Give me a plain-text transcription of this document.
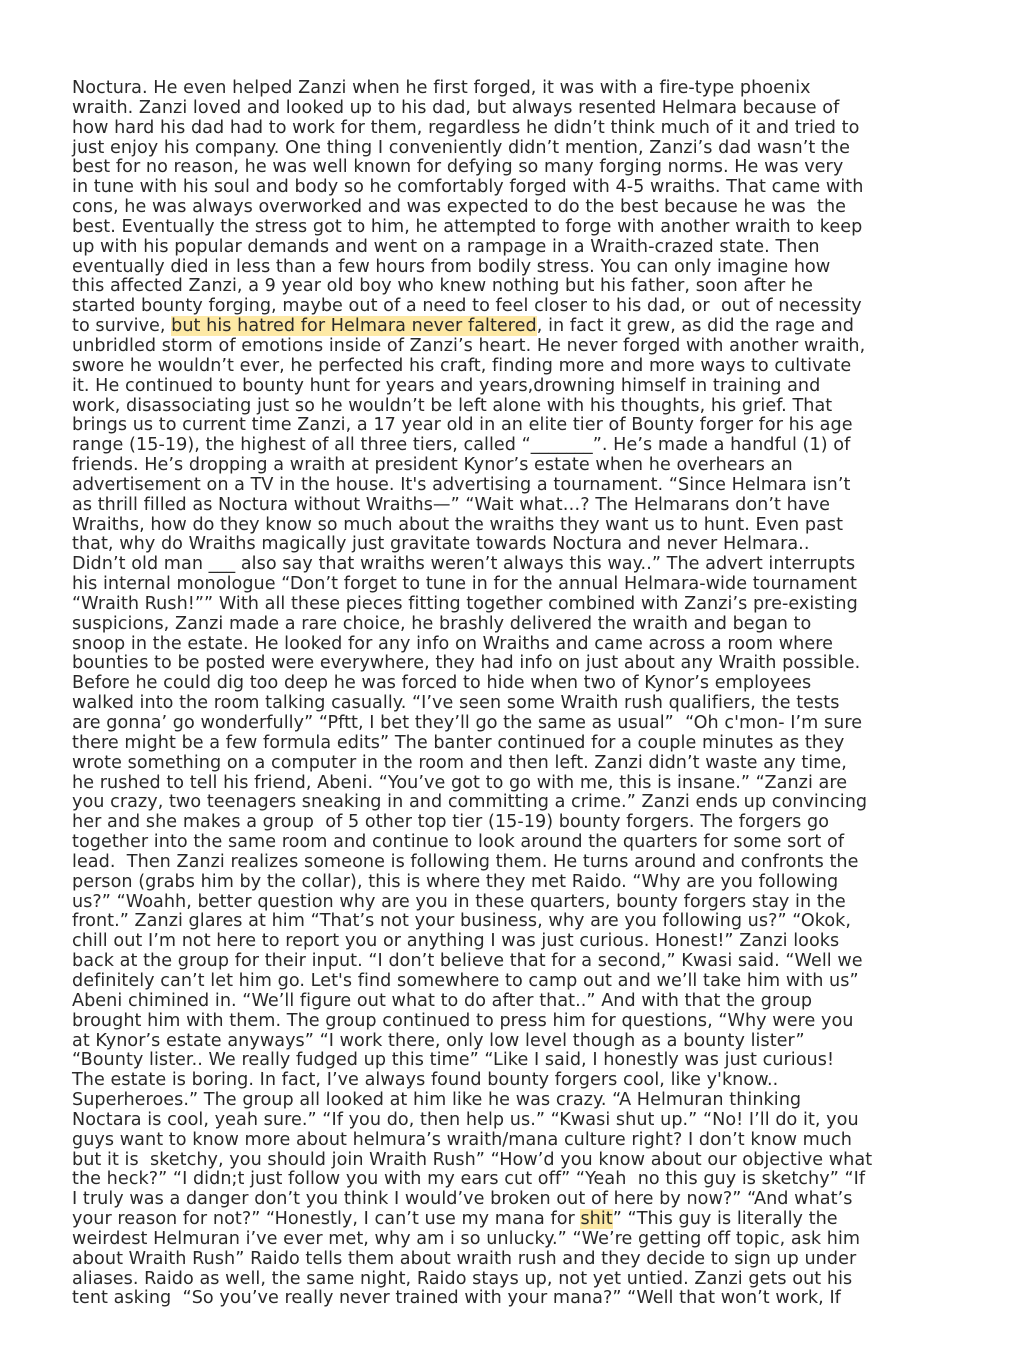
Noctura. He even helped Zanzi when he first forged, it was with a fire-type phoenix
wraith. Zanzi loved and looked up to his dad, but always resented Helmara because of
how hard his dad had to work for them, regardless he didn’t think much of it and tried to
just enjoy his company. One thing I conveniently didn’t mention, Zanzi’s dad wasn’t the
best for no reason, he was well known for defying so many forging norms. He was very
in tune with his soul and body so he comfortably forged with 4-5 wraiths. That came with
cons, he was always overworked and was expected to do the best because he was  the
best. Eventually the stress got to him, he attempted to forge with another wraith to keep
up with his popular demands and went on a rampage in a Wraith-crazed state. Then
eventually died in less than a few hours from bodily stress. You can only imagine how
this affected Zanzi, a 9 year old boy who knew nothing but his father, soon after he
started bounty forging, maybe out of a need to feel closer to his dad, or  out of necessity
to survive, but his hatred for Helmara never faltered, in fact it grew, as did the rage and
unbridled storm of emotions inside of Zanzi’s heart. He never forged with another wraith,
swore he wouldn’t ever, he perfected his craft, finding more and more ways to cultivate
it. He continued to bounty hunt for years and years,drowning himself in training and
work, disassociating just so he wouldn’t be left alone with his thoughts, his grief. That
brings us to current time Zanzi, a 17 year old in an elite tier of Bounty forger for his age
range (15-19), the highest of all three tiers, called “_______”. He’s made a handful (1) of
friends. He’s dropping a wraith at president Kynor’s estate when he overhears an
advertisement on a TV in the house. It's advertising a tournament. “Since Helmara isn’t
as thrill filled as Noctura without Wraiths—” “Wait what…? The Helmarans don’t have
Wraiths, how do they know so much about the wraiths they want us to hunt. Even past
that, why do Wraiths magically just gravitate towards Noctura and never Helmara..
Didn’t old man ___ also say that wraiths weren’t always this way..” The advert interrupts
his internal monologue “Don’t forget to tune in for the annual Helmara-wide tournament
“Wraith Rush!”” With all these pieces fitting together combined with Zanzi’s pre-existing
suspicions, Zanzi made a rare choice, he brashly delivered the wraith and began to
snoop in the estate. He looked for any info on Wraiths and came across a room where
bounties to be posted were everywhere, they had info on just about any Wraith possible.
Before he could dig too deep he was forced to hide when two of Kynor’s employees
walked into the room talking casually. “I’ve seen some Wraith rush qualifiers, the tests
are gonna’ go wonderfully” “Pftt, I bet they’ll go the same as usual”  “Oh c'mon- I’m sure
there might be a few formula edits” The banter continued for a couple minutes as they
wrote something on a computer in the room and then left. Zanzi didn’t waste any time,
he rushed to tell his friend, Abeni. “You’ve got to go with me, this is insane.” “Zanzi are
you crazy, two teenagers sneaking in and committing a crime.” Zanzi ends up convincing
her and she makes a group  of 5 other top tier (15-19) bounty forgers. The forgers go
together into the same room and continue to look around the quarters for some sort of
lead.  Then Zanzi realizes someone is following them. He turns around and confronts the
person (grabs him by the collar), this is where they met Raido. “Why are you following
us?” “Woahh, better question why are you in these quarters, bounty forgers stay in the
front.” Zanzi glares at him “That’s not your business, why are you following us?” “Okok,
chill out I’m not here to report you or anything I was just curious. Honest!” Zanzi looks
back at the group for their input. “I don’t believe that for a second,” Kwasi said. “Well we
definitely can’t let him go. Let's find somewhere to camp out and we’ll take him with us”
Abeni chimined in. “We’ll figure out what to do after that..” And with that the group
brought him with them. The group continued to press him for questions, “Why were you
at Kynor’s estate anyways” “I work there, only low level though as a bounty lister”
“Bounty lister.. We really fudged up this time” “Like I said, I honestly was just curious!
The estate is boring. In fact, I’ve always found bounty forgers cool, like y'know..
Superheroes.” The group all looked at him like he was crazy. “A Helmuran thinking
Noctara is cool, yeah sure.” “If you do, then help us.” “Kwasi shut up.” “No! I’ll do it, you
guys want to know more about helmura’s wraith/mana culture right? I don’t know much
but it is  sketchy, you should join Wraith Rush” “How’d you know about our objective what
the heck?” “I didn;t just follow you with my ears cut off” “Yeah  no this guy is sketchy” “If
I truly was a danger don’t you think I would’ve broken out of here by now?” “And what’s
your reason for not?” “Honestly, I can’t use my mana for shit” “This guy is literally the
weirdest Helmuran i’ve ever met, why am i so unlucky.” “We’re getting off topic, ask him
about Wraith Rush” Raido tells them about wraith rush and they decide to sign up under
aliases. Raido as well, the same night, Raido stays up, not yet untied. Zanzi gets out his
tent asking  “So you’ve really never trained with your mana?” “Well that won’t work, If
